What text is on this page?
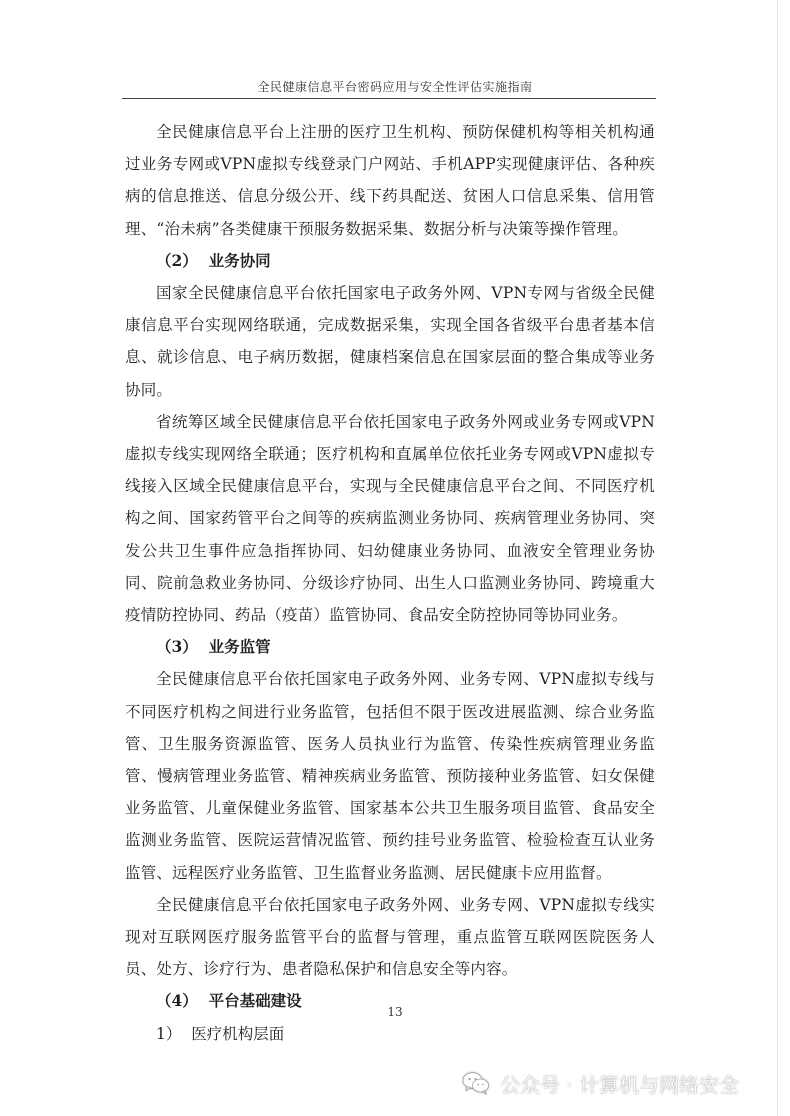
全民健康信息平台密码应用与安全性评估实施指南

全民健康信息平台上注册的医疗卫生机构、预防保健机构等相关机构通过业务专网或VPN虚拟专线登录门户网站、手机APP实现健康评估、各种疾病的信息推送、信息分级公开、线下药具配送、贫困人口信息采集、信用管理、“治未病”各类健康干预服务数据采集、数据分析与决策等操作管理。

（2）  业务协同

国家全民健康信息平台依托国家电子政务外网、VPN专网与省级全民健康信息平台实现网络联通，完成数据采集，实现全国各省级平台患者基本信息、就诊信息、电子病历数据，健康档案信息在国家层面的整合集成等业务协同。

省统筹区域全民健康信息平台依托国家电子政务外网或业务专网或VPN虚拟专线实现网络全联通；医疗机构和直属单位依托业务专网或VPN虚拟专线接入区域全民健康信息平台，实现与全民健康信息平台之间、不同医疗机构之间、国家药管平台之间等的疾病监测业务协同、疾病管理业务协同、突发公共卫生事件应急指挥协同、妇幼健康业务协同、血液安全管理业务协同、院前急救业务协同、分级诊疗协同、出生人口监测业务协同、跨境重大疫情防控协同、药品（疫苗）监管协同、食品安全防控协同等协同业务。

（3）  业务监管

全民健康信息平台依托国家电子政务外网、业务专网、VPN虚拟专线与不同医疗机构之间进行业务监管，包括但不限于医改进展监测、综合业务监管、卫生服务资源监管、医务人员执业行为监管、传染性疾病管理业务监管、慢病管理业务监管、精神疾病业务监管、预防接种业务监管、妇女保健业务监管、儿童保健业务监管、国家基本公共卫生服务项目监管、食品安全监测业务监管、医院运营情况监管、预约挂号业务监管、检验检查互认业务监管、远程医疗业务监管、卫生监督业务监测、居民健康卡应用监督。

全民健康信息平台依托国家电子政务外网、业务专网、VPN虚拟专线实现对互联网医疗服务监管平台的监督与管理，重点监管互联网医院医务人员、处方、诊疗行为、患者隐私保护和信息安全等内容。

（4）  平台基础建设

1）  医疗机构层面

13
公众号 · 计算机与网络安全
